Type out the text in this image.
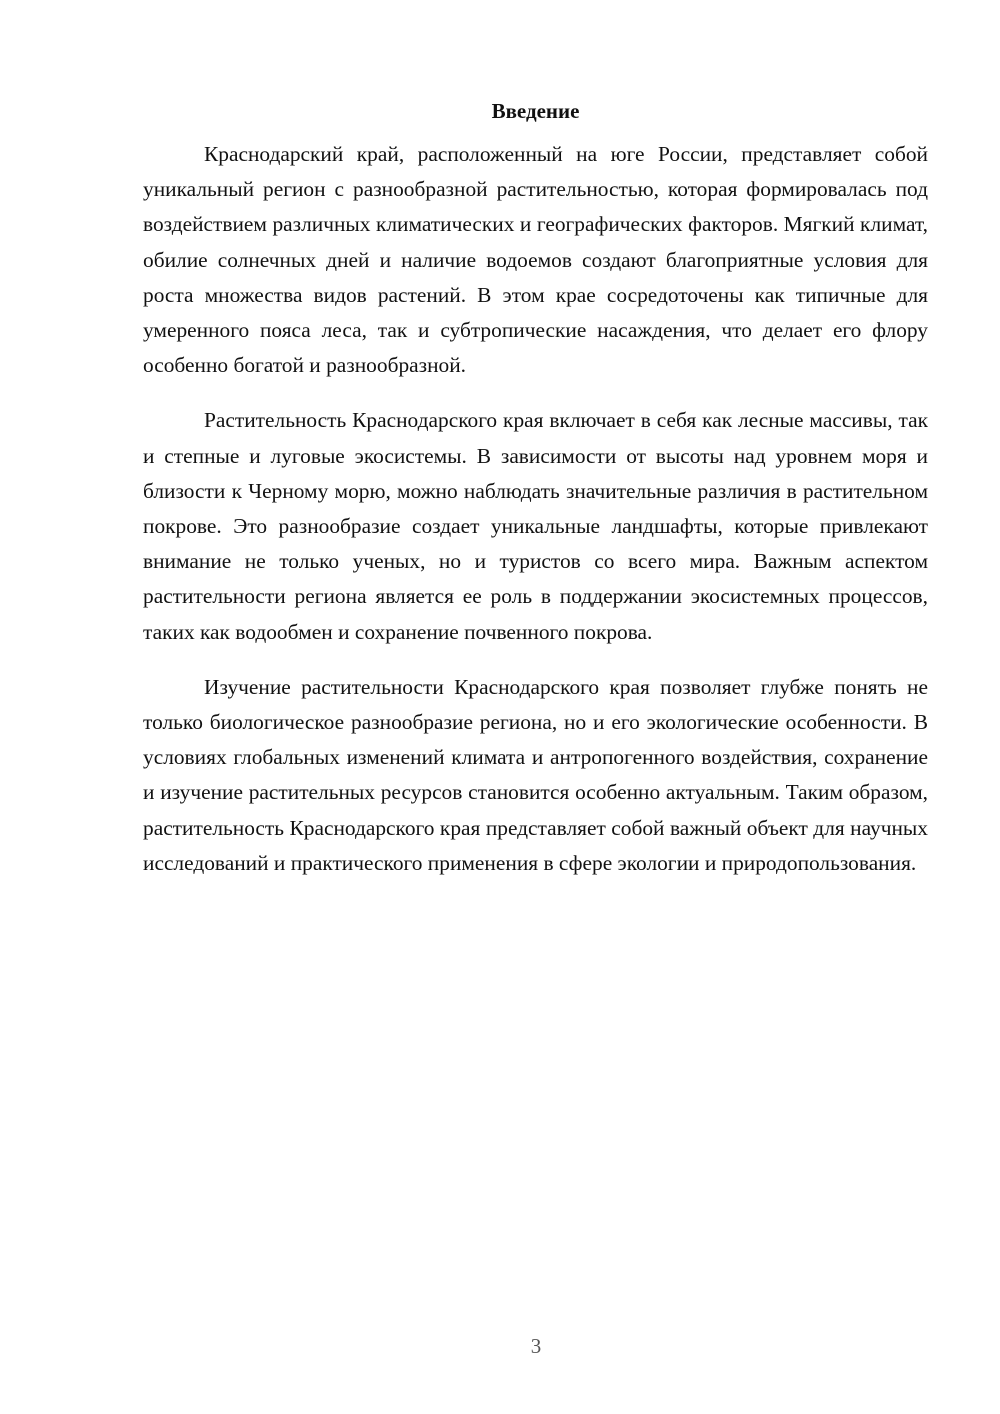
Введение

Краснодарский край, расположенный на юге России, представляет собой уникальный регион с разнообразной растительностью, которая формировалась под воздействием различных климатических и географических факторов. Мягкий климат, обилие солнечных дней и наличие водоемов создают благоприятные условия для роста множества видов растений. В этом крае сосредоточены как типичные для умеренного пояса леса, так и субтропические насаждения, что делает его флору особенно богатой и разнообразной.

Растительность Краснодарского края включает в себя как лесные массивы, так и степные и луговые экосистемы. В зависимости от высоты над уровнем моря и близости к Черному морю, можно наблюдать значительные различия в растительном покрове. Это разнообразие создает уникальные ландшафты, которые привлекают внимание не только ученых, но и туристов со всего мира. Важным аспектом растительности региона является ее роль в поддержании экосистемных процессов, таких как водообмен и сохранение почвенного покрова.

Изучение растительности Краснодарского края позволяет глубже понять не только биологическое разнообразие региона, но и его экологические особенности. В условиях глобальных изменений климата и антропогенного воздействия, сохранение и изучение растительных ресурсов становится особенно актуальным. Таким образом, растительность Краснодарского края представляет собой важный объект для научных исследований и практического применения в сфере экологии и природопользования.

3
